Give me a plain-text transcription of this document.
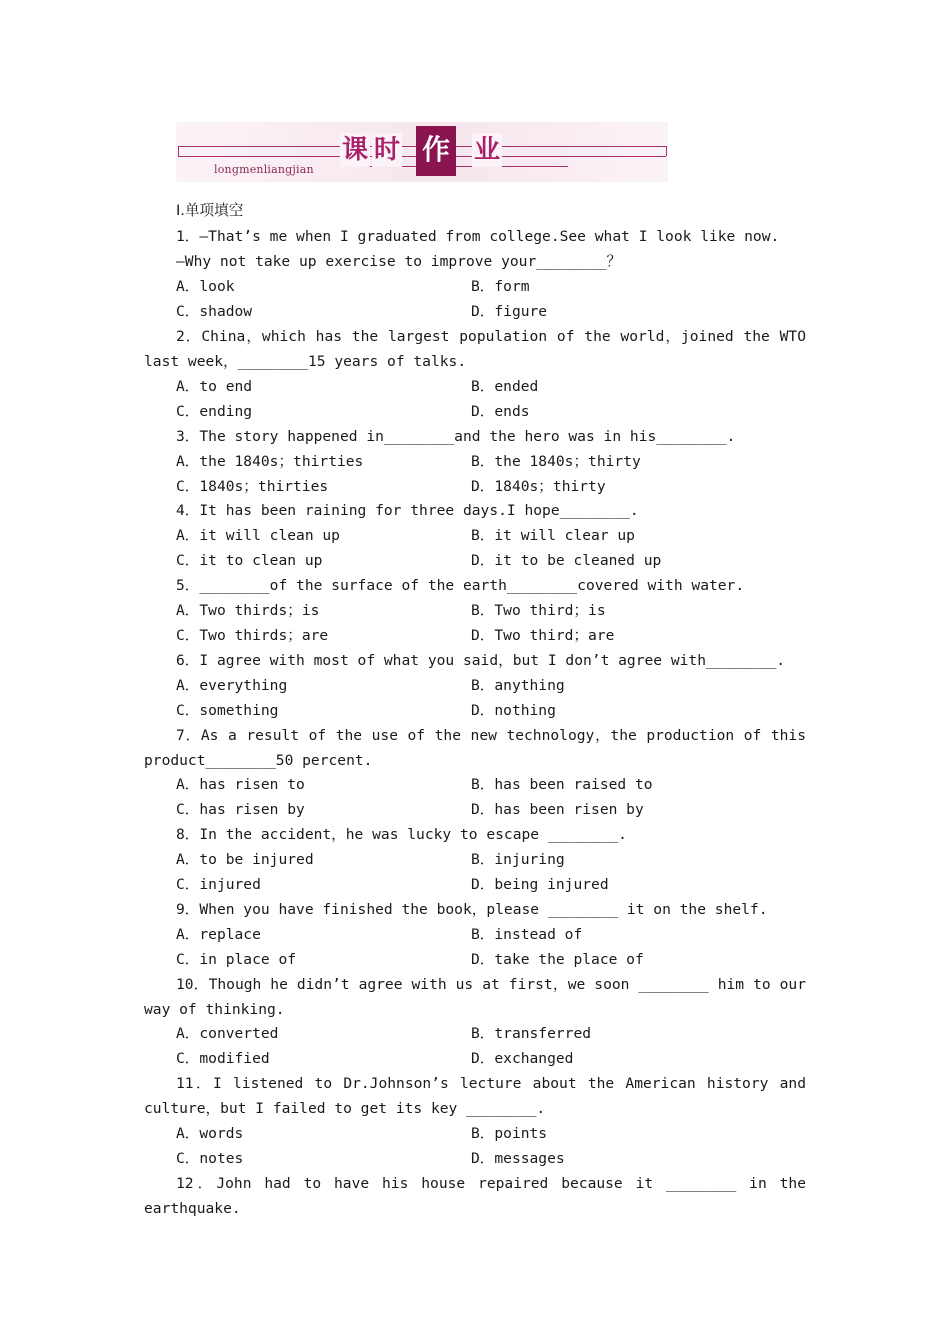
longmenliangjian
课 时 作 业
Ⅰ.单项填空
1．—That’s me when I graduated from college.See what I look like now.
—Why not take up exercise to improve your________？
A．look	B．form
C．shadow	D．figure
2．China，which has the largest population of the world，joined the WTO
last week，________15 years of talks.
A．to end	B．ended
C．ending	D．ends
3．The story happened in________and the hero was in his________.
A．the 1840s；thirties	B．the 1840s；thirty
C．1840s；thirties	D．1840s；thirty
4．It has been raining for three days.I hope________.
A．it will clean up	B．it will clear up
C．it to clean up	D．it to be cleaned up
5．________of the surface of the earth________covered with water.
A．Two thirds；is	B．Two third；is
C．Two thirds；are	D．Two third；are
6．I agree with most of what you said，but I don’t agree with________.
A．everything	B．anything
C．something	D．nothing
7．As a result of the use of the new technology，the production of this
product________50 percent.
A．has risen to	B．has been raised to
C．has risen by	D．has been risen by
8．In the accident，he was lucky to escape ________.
A．to be injured	B．injuring
C．injured	D．being injured
9．When you have finished the book，please ________ it on the shelf.
A．replace	B．instead of
C．in place of	D．take the place of
10．Though he didn’t agree with us at first，we soon ________ him to our
way of thinking.
A．converted	B．transferred
C．modified	D．exchanged
11．I listened to Dr.Johnson’s lecture about the American history and
culture，but I failed to get its key ________.
A．words	B．points
C．notes	D．messages
12．John had to have his house repaired because it ________ in the
earthquake.
